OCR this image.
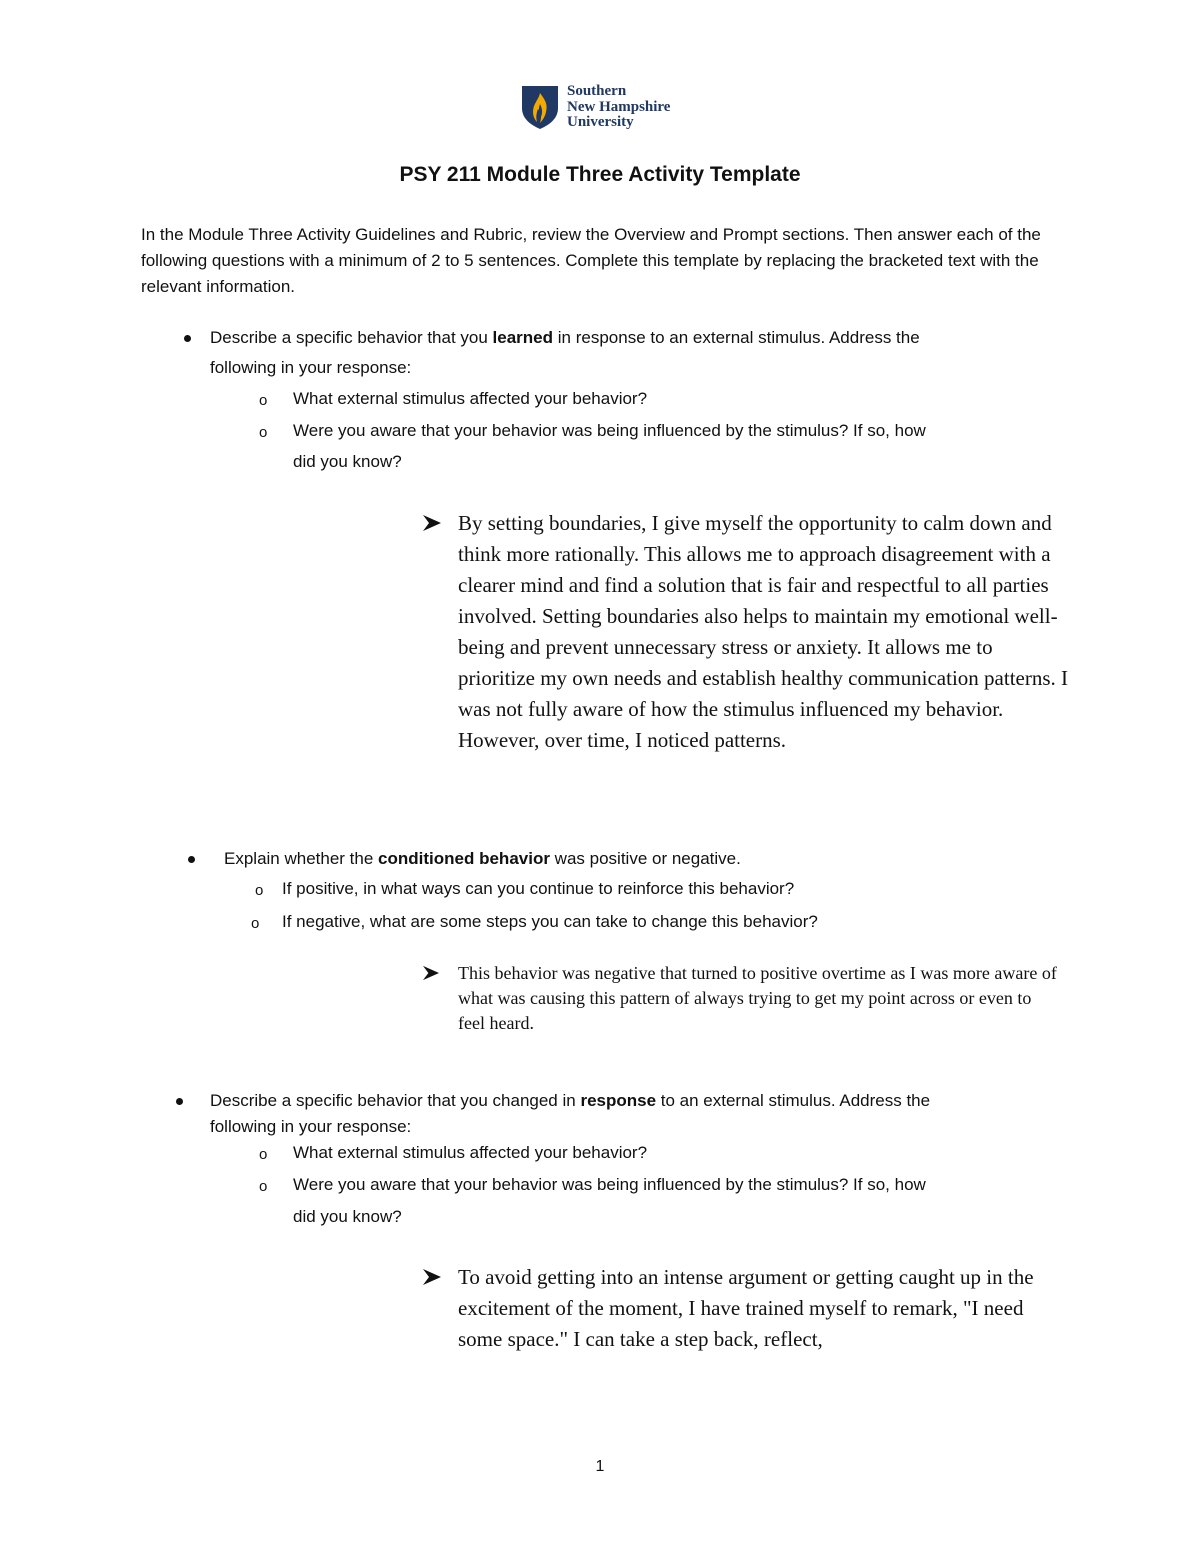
Southern
New Hampshire
University
PSY 211 Module Three Activity Template
In the Module Three Activity Guidelines and Rubric, review the Overview and Prompt sections. Then answer each of the following questions with a minimum of 2 to 5 sentences. Complete this template by replacing the bracketed text with the relevant information.
Describe a specific behavior that you learned in response to an external stimulus. Address the
following in your response:
o What external stimulus affected your behavior?
o Were you aware that your behavior was being influenced by the stimulus? If so, how
did you know?
By setting boundaries, I give myself the opportunity to calm down and think more rationally. This allows me to approach disagreement with a clearer mind and find a solution that is fair and respectful to all parties involved. Setting boundaries also helps to maintain my emotional well-being and prevent unnecessary stress or anxiety. It allows me to prioritize my own needs and establish healthy communication patterns. I was not fully aware of how the stimulus influenced my behavior. However, over time, I noticed patterns.
Explain whether the conditioned behavior was positive or negative.
o If positive, in what ways can you continue to reinforce this behavior?
o If negative, what are some steps you can take to change this behavior?
This behavior was negative that turned to positive overtime as I was more aware of what was causing this pattern of always trying to get my point across or even to feel heard.
Describe a specific behavior that you changed in response to an external stimulus. Address the
following in your response:
o What external stimulus affected your behavior?
o Were you aware that your behavior was being influenced by the stimulus? If so, how
did you know?
To avoid getting into an intense argument or getting caught up in the excitement of the moment, I have trained myself to remark, "I need some space." I can take a step back, reflect,
1
